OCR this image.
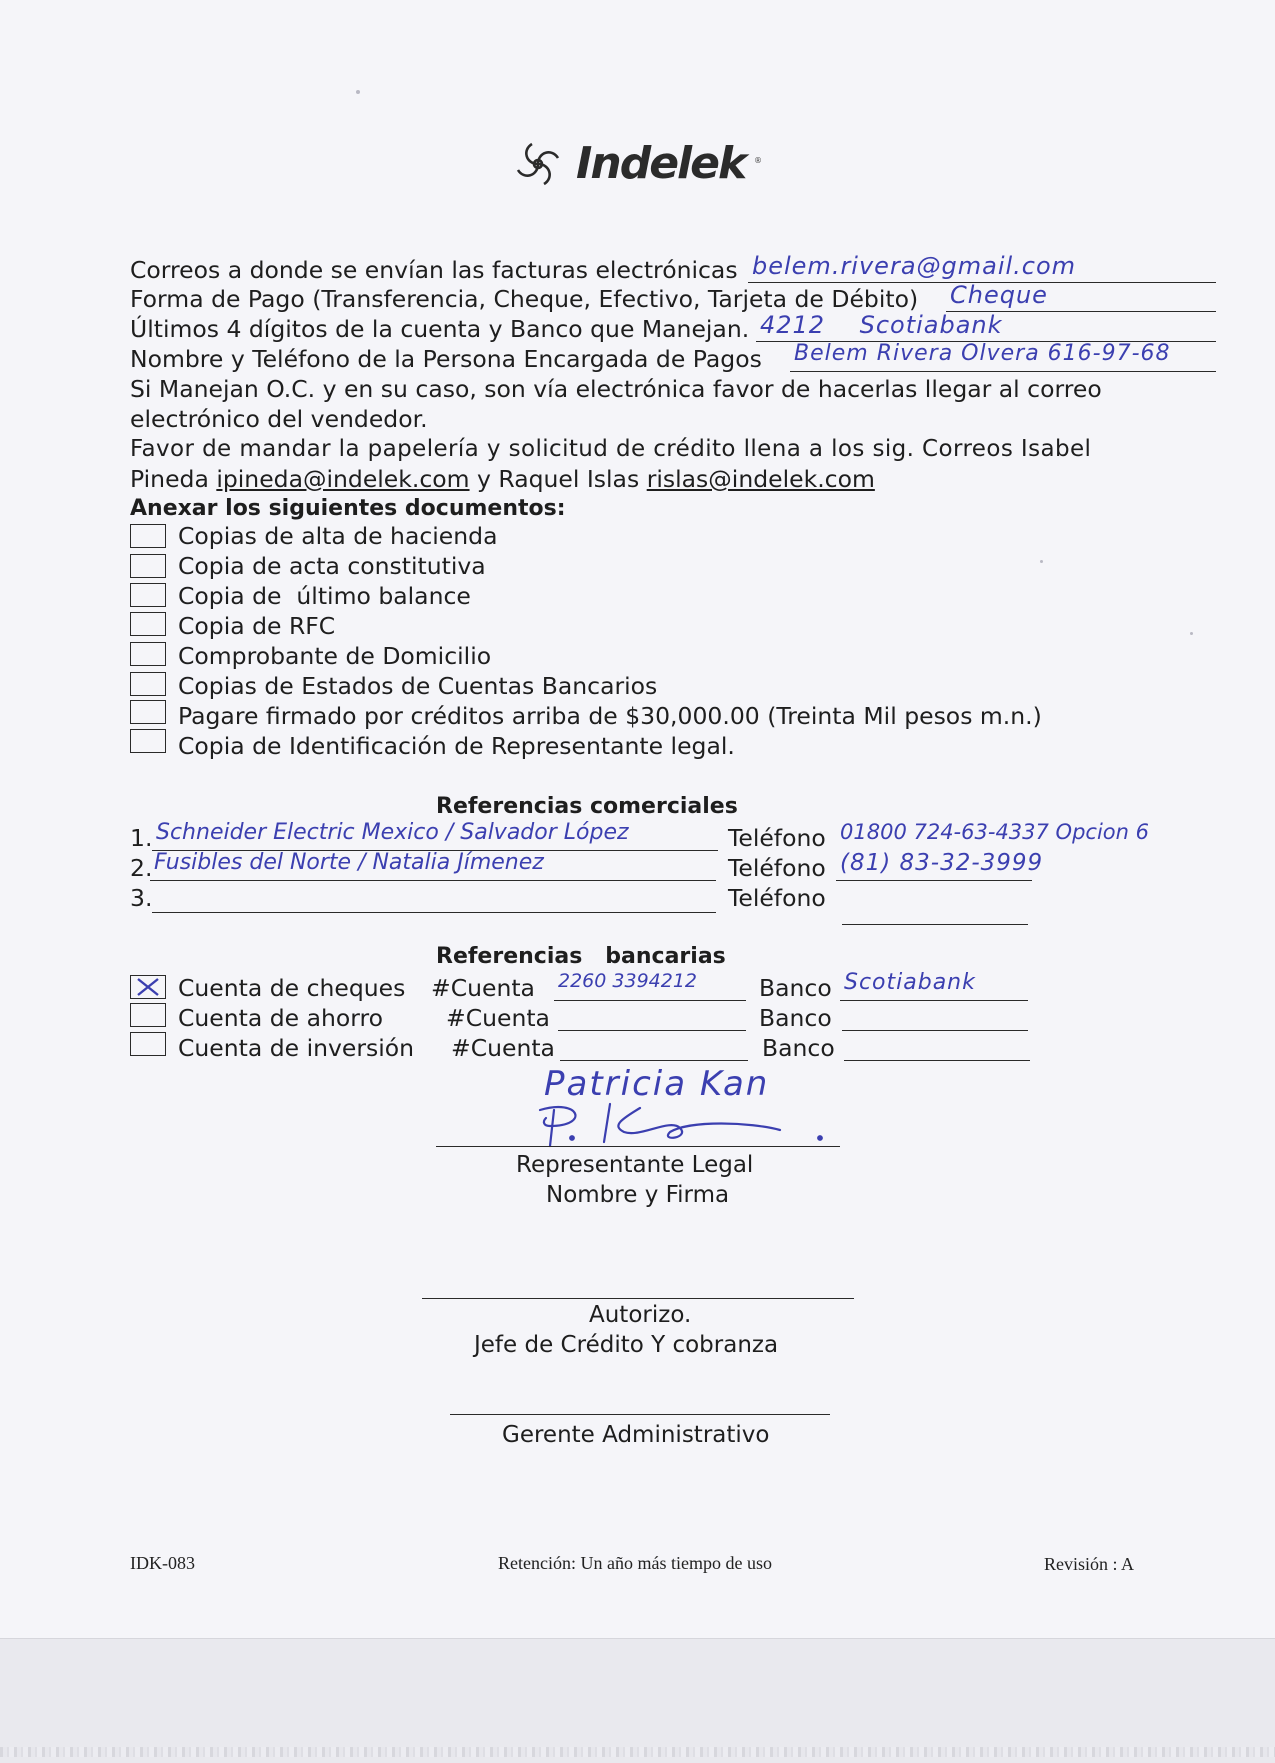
Indelek ®
Correos a donde se envían las facturas electrónicas belem.rivera@gmail.com
Forma de Pago (Transferencia, Cheque, Efectivo, Tarjeta de Débito) Cheque
Últimos 4 dígitos de la cuenta y Banco que Manejan. 4212    Scotiabank
Nombre y Teléfono de la Persona Encargada de Pagos Belem Rivera Olvera 616-97-68
Si Manejan O.C. y en su caso, son vía electrónica favor de hacerlas llegar al correo
electrónico del vendedor.
Favor de mandar la papelería y solicitud de crédito llena a los sig. Correos Isabel
Pineda ipineda@indelek.com y Raquel Islas rislas@indelek.com
Anexar los siguientes documentos:
Copias de alta de hacienda
Copia de acta constitutiva
Copia de  último balance
Copia de RFC
Comprobante de Domicilio
Copias de Estados de Cuentas Bancarios
Pagare firmado por créditos arriba de $30,000.00 (Treinta Mil pesos m.n.)
Copia de Identificación de Representante legal.
Referencias comerciales
1. Schneider Electric Mexico / Salvador López	Teléfono 01800 724-63-4337 Opcion 6
2. Fusibles del Norte / Natalia Jímenez	Teléfono (81) 83-32-3999
3.	Teléfono
Referencias   bancarias
Cuenta de cheques #Cuenta 2260 3394212	Banco Scotiabank
Cuenta de ahorro	#Cuenta	Banco
Cuenta de inversión #Cuenta	Banco
Patricia Kan
Representante Legal
Nombre y Firma
Autorizo.
Jefe de Crédito Y cobranza
Gerente Administrativo
IDK-083	Retención: Un año más tiempo de uso	Revisión : A
